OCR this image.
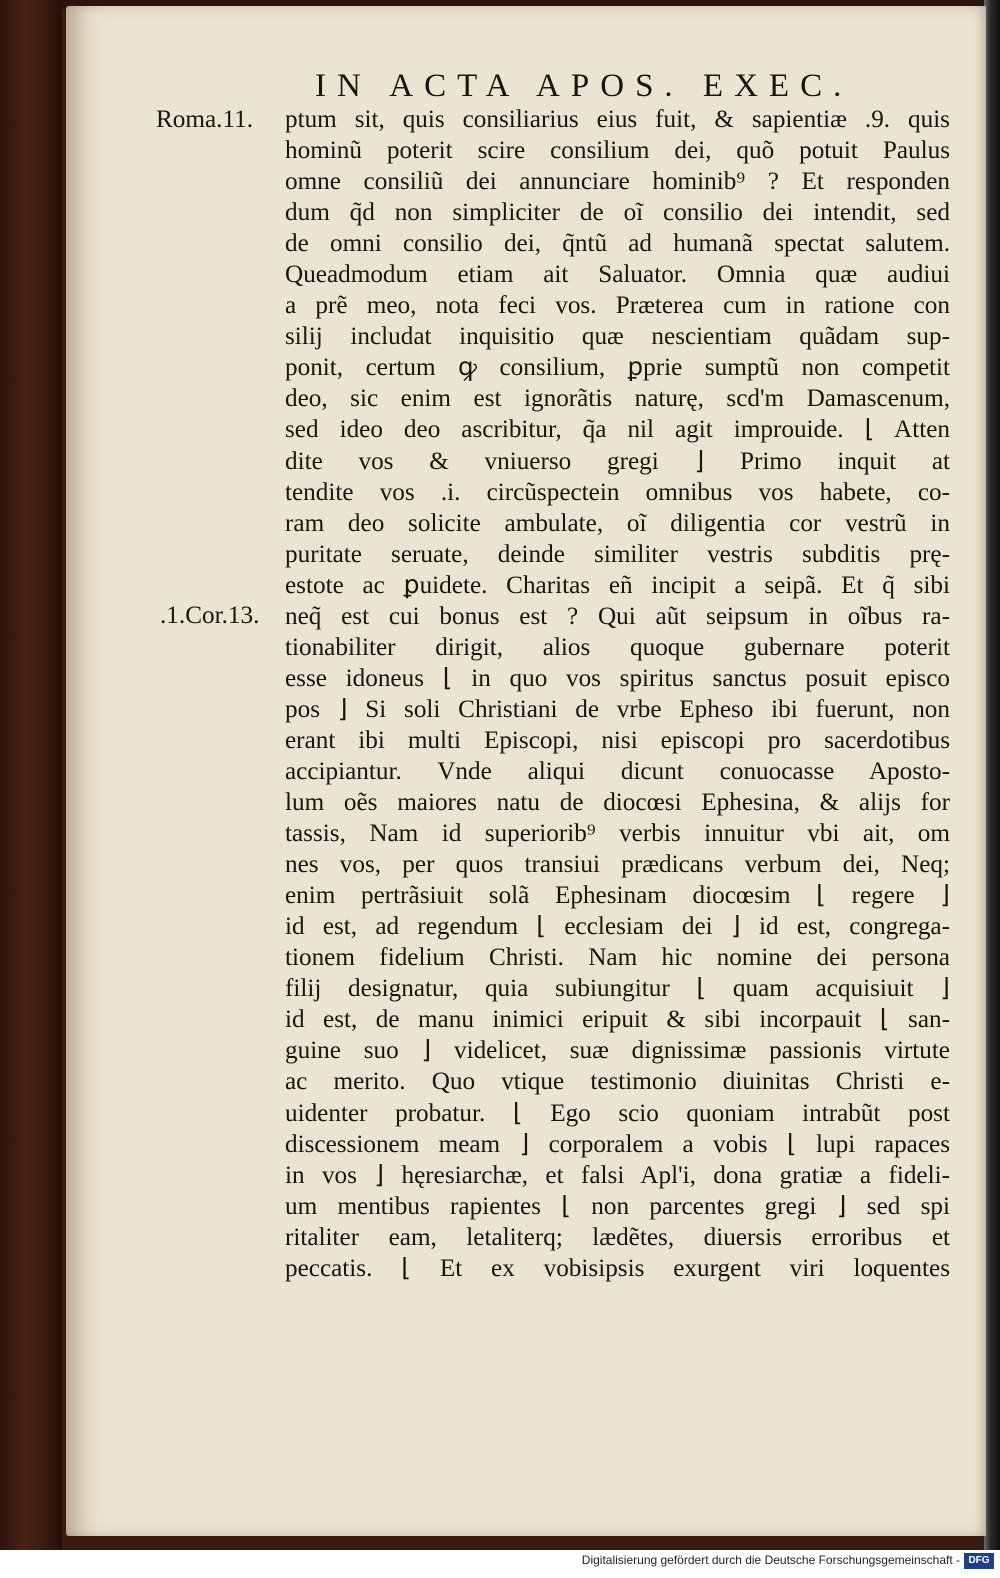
IN ACTA APOS. EXEC.
Roma.11.
.1.Cor.13.
ptum sit, quis consiliarius eius fuit, & sapientiæ .9. quis
hominũ poterit scire consilium dei, quõ potuit Paulus
omne consiliũ dei annunciare hominib⁹ ? Et responden
dum q̃d non simpliciter de oĩ consilio dei intendit, sed
de omni consilio dei, q̃ntũ ad humanã spectat salutem.
Queadmodum etiam ait Saluator. Omnia quæ audiui
a prẽ meo, nota feci vos. Præterea cum in ratione con
silij includat inquisitio quæ nescientiam quãdam sup-
ponit, certum ꝙ consilium, ꝑprie sumptũ non competit
deo, sic enim est ignorãtis naturę, scd'm Damascenum,
sed ideo deo ascribitur, q̃a nil agit improuide. ⌊ Atten
dite vos & vniuerso gregi ⌋ Primo inquit at
tendite vos .i. circũspectein omnibus vos habete, co-
ram deo solicite ambulate, oĩ diligentia cor vestrũ in
puritate seruate, deinde similiter vestris subditis prę-
estote ac ꝑuidete. Charitas eñ incipit a seipã. Et q̃ sibi
neq̃ est cui bonus est ? Qui aũt seipsum in oĩbus ra-
tionabiliter dirigit, alios quoque gubernare poterit
esse idoneus ⌊ in quo vos spiritus sanctus posuit episco
pos ⌋ Si soli Christiani de vrbe Epheso ibi fuerunt, non
erant ibi multi Episcopi, nisi episcopi pro sacerdotibus
accipiantur. Vnde aliqui dicunt conuocasse Aposto-
lum oẽs maiores natu de diocœsi Ephesina, & alijs for
tassis, Nam id superiorib⁹ verbis innuitur vbi ait, om
nes vos, per quos transiui prædicans verbum dei, Neq;
enim pertrãsiuit solã Ephesinam diocœsim ⌊ regere ⌋
id est, ad regendum ⌊ ecclesiam dei ⌋ id est, congrega-
tionem fidelium Christi. Nam hic nomine dei persona
filij designatur, quia subiungitur ⌊ quam acquisiuit ⌋
id est, de manu inimici eripuit & sibi incorpauit ⌊ san-
guine suo ⌋ videlicet, suæ dignissimæ passionis virtute
ac merito. Quo vtique testimonio diuinitas Christi e-
uidenter probatur. ⌊ Ego scio quoniam intrabũt post
discessionem meam ⌋ corporalem a vobis ⌊ lupi rapaces
in vos ⌋ hęresiarchæ, et falsi Apl'i, dona gratiæ a fideli-
um mentibus rapientes ⌊ non parcentes gregi ⌋ sed spi
ritaliter eam, letaliterq; lædẽtes, diuersis erroribus et
peccatis. ⌊ Et ex vobisipsis exurgent viri loquentes
Digitalisierung gefördert durch die Deutsche Forschungsgemeinschaft - DFG
